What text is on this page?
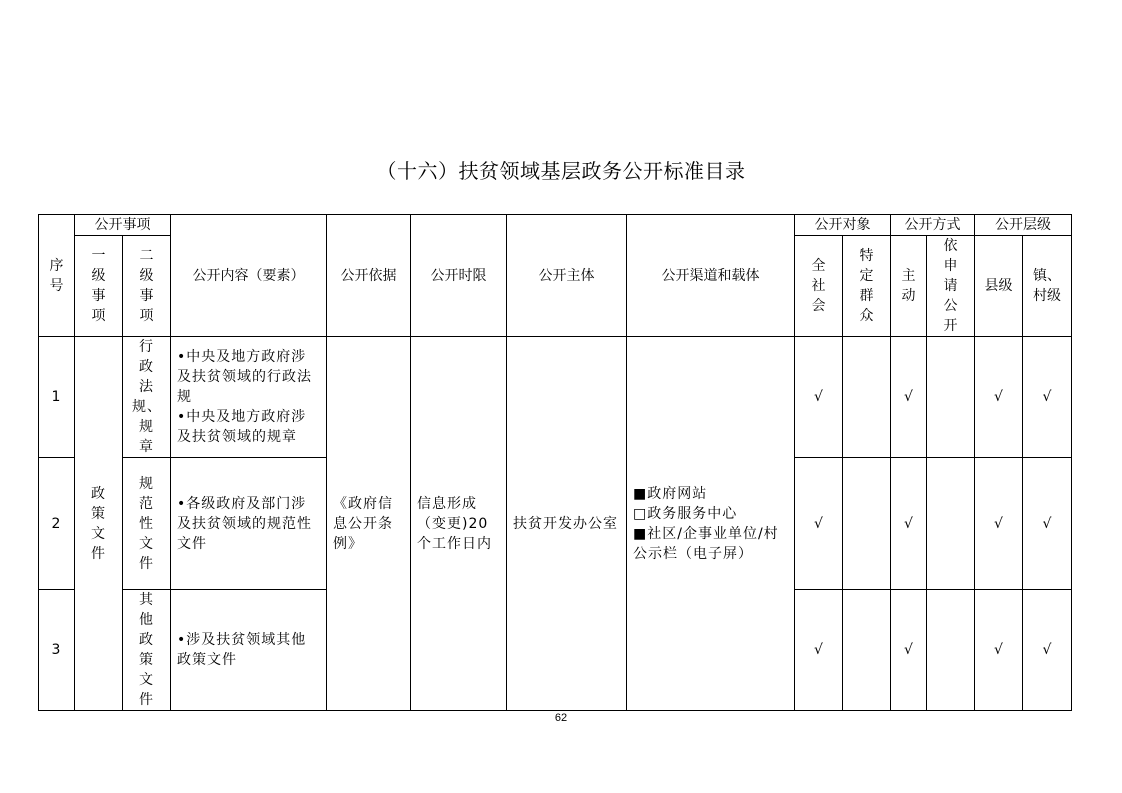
（十六）扶贫领域基层政务公开标准目录
序号	公开事项		公开内容（要素）	公开依据	公开时限	公开主体	公开渠道和载体	公开对象		公开方式		公开层级	
	一级事项	二级事项						全社会	特定群众	主动	依申请公开	县级	镇、村级
1	政策文件	行政法规、规章	•中央及地方政府涉及扶贫领域的行政法规
•中央及地方政府涉及扶贫领域的规章	《政府信息公开条例》	信息形成（变更)20个工作日内	扶贫开发办公室	■政府网站
□政务服务中心
■社区/企事业单位/村公示栏（电子屏）	√		√		√	√
2		规范性文件	•各级政府及部门涉及扶贫领域的规范性文件					√		√		√	√
3		其他政策文件	•涉及扶贫领域其他政策文件					√		√		√	√
62
